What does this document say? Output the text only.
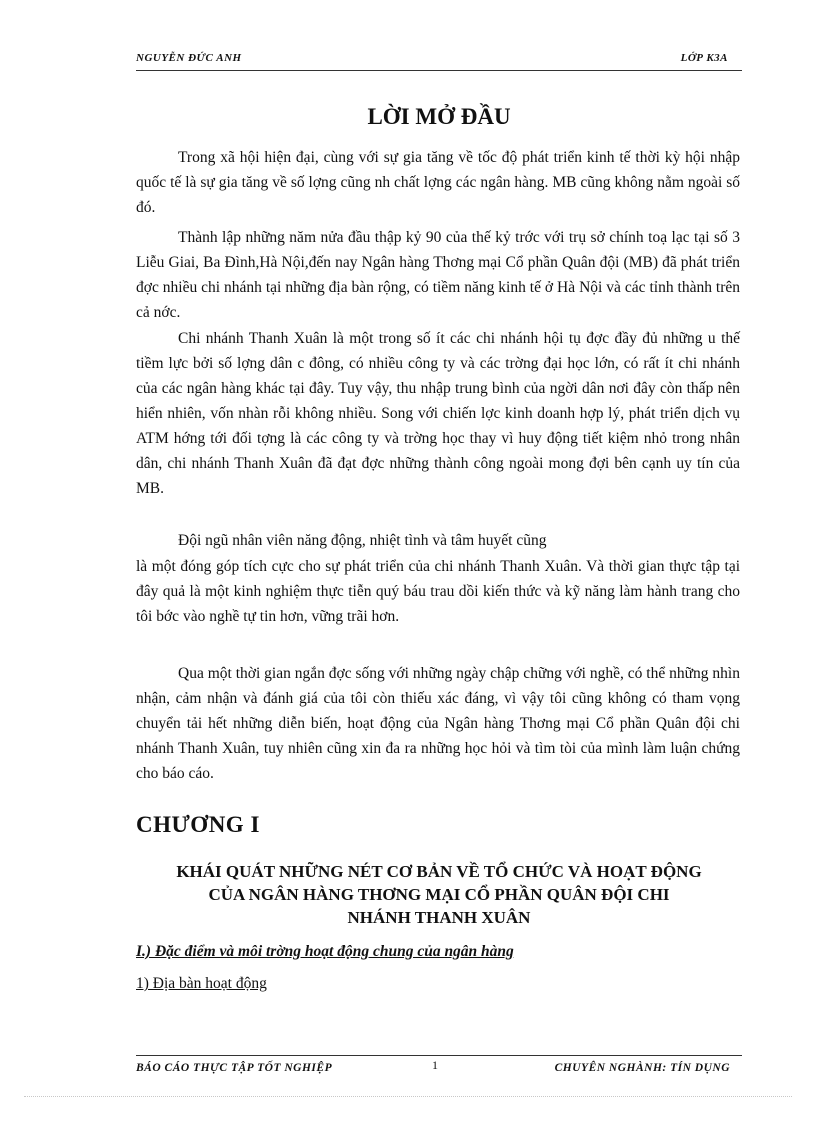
NGUYỄN ĐỨC ANH	LỚP K3A
LỜI MỞ ĐẦU
Trong xã hội hiện đại, cùng với sự gia tăng về tốc độ phát triển kinh tế thời kỳ hội nhập quốc tế là sự gia tăng về số lợng cũng nh chất lợng các ngân hàng. MB cũng không nằm ngoài số đó.
Thành lập những năm nửa đầu thập kỷ 90 của thế kỷ trớc với trụ sở chính toạ lạc tại số 3 Liễu Giai, Ba Đình,Hà Nội,đến nay Ngân hàng Thơng mại Cổ phần Quân đội (MB) đã phát triển đợc nhiều chi nhánh tại những địa bàn rộng, có tiềm năng kinh tế ở Hà Nội và các tỉnh thành trên cả nớc.
Chi nhánh Thanh Xuân là một trong số ít các chi nhánh hội tụ đợc đầy đủ những u thế tiềm lực bởi số lợng dân c đông, có nhiều công ty và các trờng đại học lớn, có rất ít chi nhánh của các ngân hàng khác tại đây. Tuy vậy, thu nhập trung bình của ngời dân nơi đây còn thấp nên hiển nhiên, vốn nhàn rỗi không nhiều. Song với chiến lợc kinh doanh hợp lý, phát triển dịch vụ ATM hớng tới đối tợng là các công ty và trờng học thay vì huy động tiết kiệm nhỏ trong nhân dân, chi nhánh Thanh Xuân đã đạt đợc những thành công ngoài mong đợi bên cạnh uy tín của MB.
Đội ngũ nhân viên năng động, nhiệt tình và tâm huyết cũng
là một đóng góp tích cực cho sự phát triển của chi nhánh Thanh Xuân. Và thời gian thực tập tại đây quả là một kinh nghiệm thực tiễn quý báu trau dồi kiến thức và kỹ năng làm hành trang cho tôi bớc vào nghề tự tin hơn, vững trãi hơn.
Qua một thời gian ngắn đợc sống với những ngày chập chững với nghề, có thể những nhìn nhận, cảm nhận và đánh giá của tôi còn thiếu xác đáng, vì vậy tôi cũng không có tham vọng chuyển tải hết những diễn biến, hoạt động của Ngân hàng Thơng mại Cổ phần Quân đội chi nhánh Thanh Xuân, tuy nhiên cũng xin đa ra những học hỏi và tìm tòi của mình làm luận chứng cho báo cáo.
CHƯƠNG I
KHÁI QUÁT NHỮNG NÉT CƠ BẢN VỀ TỔ CHỨC VÀ HOẠT ĐỘNG
CỦA NGÂN HÀNG THƠNG MẠI CỔ PHẦN QUÂN ĐỘI CHI
NHÁNH THANH XUÂN
I.) Đặc điểm và môi trờng hoạt động chung của ngân hàng
1) Địa bàn hoạt động
BÁO CÁO THỰC TẬP TỐT NGHIỆP	1	CHUYÊN NGHÀNH: TÍN DỤNG
